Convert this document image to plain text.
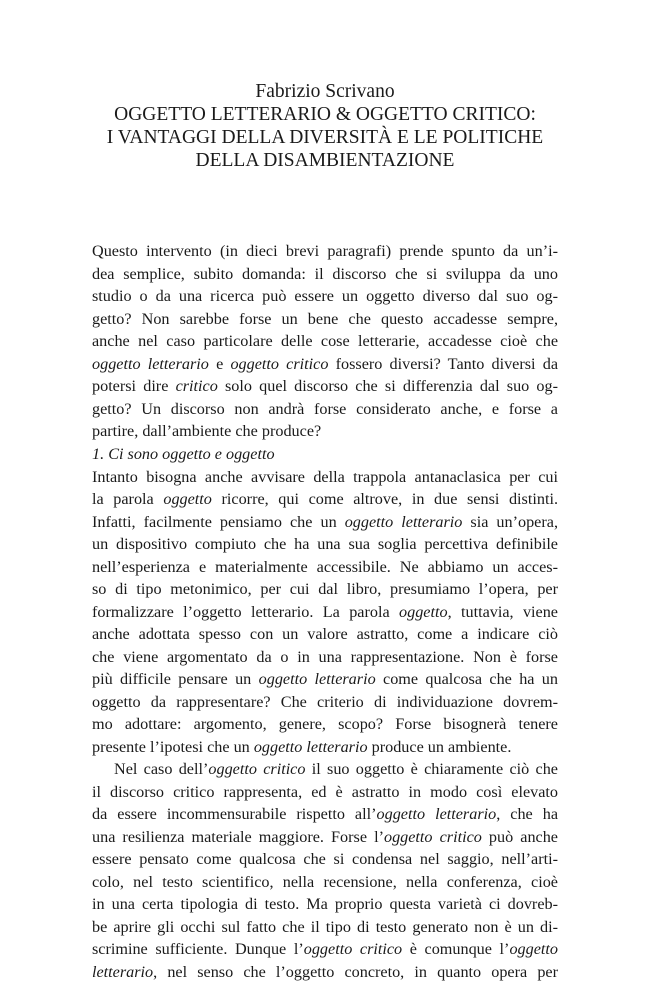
Fabrizio Scrivano
OGGETTO LETTERARIO & OGGETTO CRITICO:
I VANTAGGI DELLA DIVERSITÀ E LE POLITICHE
DELLA DISAMBIENTAZIONE
Questo intervento (in dieci brevi paragrafi) prende spunto da un’i-
dea semplice, subito domanda: il discorso che si sviluppa da uno
studio o da una ricerca può essere un oggetto diverso dal suo og-
getto? Non sarebbe forse un bene che questo accadesse sempre,
anche nel caso particolare delle cose letterarie, accadesse cioè che
oggetto letterario e oggetto critico fossero diversi? Tanto diversi da
potersi dire critico solo quel discorso che si differenzia dal suo og-
getto? Un discorso non andrà forse considerato anche, e forse a
partire, dall’ambiente che produce?
1. Ci sono oggetto e oggetto
Intanto bisogna anche avvisare della trappola antanaclasica per cui
la parola oggetto ricorre, qui come altrove, in due sensi distinti.
Infatti, facilmente pensiamo che un oggetto letterario sia un’opera,
un dispositivo compiuto che ha una sua soglia percettiva definibile
nell’esperienza e materialmente accessibile. Ne abbiamo un acces-
so di tipo metonimico, per cui dal libro, presumiamo l’opera, per
formalizzare l’oggetto letterario. La parola oggetto, tuttavia, viene
anche adottata spesso con un valore astratto, come a indicare ciò
che viene argomentato da o in una rappresentazione. Non è forse
più difficile pensare un oggetto letterario come qualcosa che ha un
oggetto da rappresentare? Che criterio di individuazione dovrem-
mo adottare: argomento, genere, scopo? Forse bisognerà tenere
presente l’ipotesi che un oggetto letterario produce un ambiente.
Nel caso dell’oggetto critico il suo oggetto è chiaramente ciò che
il discorso critico rappresenta, ed è astratto in modo così elevato
da essere incommensurabile rispetto all’oggetto letterario, che ha
una resilienza materiale maggiore. Forse l’oggetto critico può anche
essere pensato come qualcosa che si condensa nel saggio, nell’arti-
colo, nel testo scientifico, nella recensione, nella conferenza, cioè
in una certa tipologia di testo. Ma proprio questa varietà ci dovreb-
be aprire gli occhi sul fatto che il tipo di testo generato non è un di-
scrimine sufficiente. Dunque l’oggetto critico è comunque l’oggetto
letterario, nel senso che l’oggetto concreto, in quanto opera per
